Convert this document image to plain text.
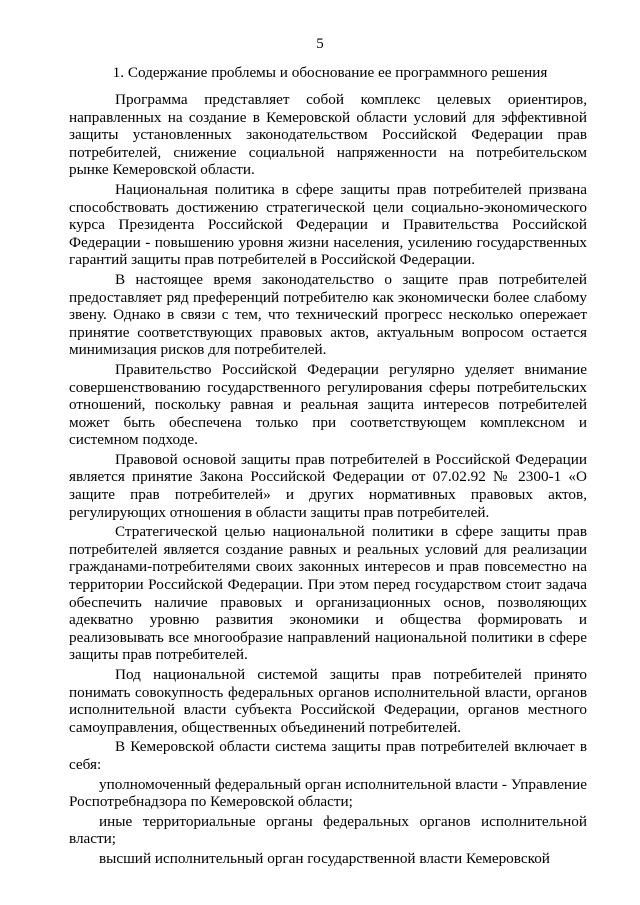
5
1. Содержание проблемы и обоснование ее программного решения

Программа представляет собой комплекс целевых ориентиров, направленных на создание в Кемеровской области условий для эффективной защиты установленных законодательством Российской Федерации прав потребителей, снижение социальной напряженности на потребительском рынке Кемеровской области.

Национальная политика в сфере защиты прав потребителей призвана способствовать достижению стратегической цели социально-экономического курса Президента Российской Федерации и Правительства Российской Федерации - повышению уровня жизни населения, усилению государственных гарантий защиты прав потребителей в Российской Федерации.

В настоящее время законодательство о защите прав потребителей предоставляет ряд преференций потребителю как экономически более слабому звену. Однако в связи с тем, что технический прогресс несколько опережает принятие соответствующих правовых актов, актуальным вопросом остается минимизация рисков для потребителей.

Правительство Российской Федерации регулярно уделяет внимание совершенствованию государственного регулирования сферы потребительских отношений, поскольку равная и реальная защита интересов потребителей может быть обеспечена только при соответствующем комплексном и системном подходе.

Правовой основой защиты прав потребителей в Российской Федерации является принятие Закона Российской Федерации от 07.02.92 № 2300-1 «О защите прав потребителей» и других нормативных правовых актов, регулирующих отношения в области защиты прав потребителей.

Стратегической целью национальной политики в сфере защиты прав потребителей является создание равных и реальных условий для реализации гражданами-потребителями своих законных интересов и прав повсеместно на территории Российской Федерации. При этом перед государством стоит задача обеспечить наличие правовых и организационных основ, позволяющих адекватно уровню развития экономики и общества формировать и реализовывать все многообразие направлений национальной политики в сфере защиты прав потребителей.

Под национальной системой защиты прав потребителей принято понимать совокупность федеральных органов исполнительной власти, органов исполнительной власти субъекта Российской Федерации, органов местного самоуправления, общественных объединений потребителей.

В Кемеровской области система защиты прав потребителей включает в себя:

уполномоченный федеральный орган исполнительной власти - Управление Роспотребнадзора по Кемеровской области;

иные территориальные органы федеральных органов исполнительной власти;

высший исполнительный орган государственной власти Кемеровской
